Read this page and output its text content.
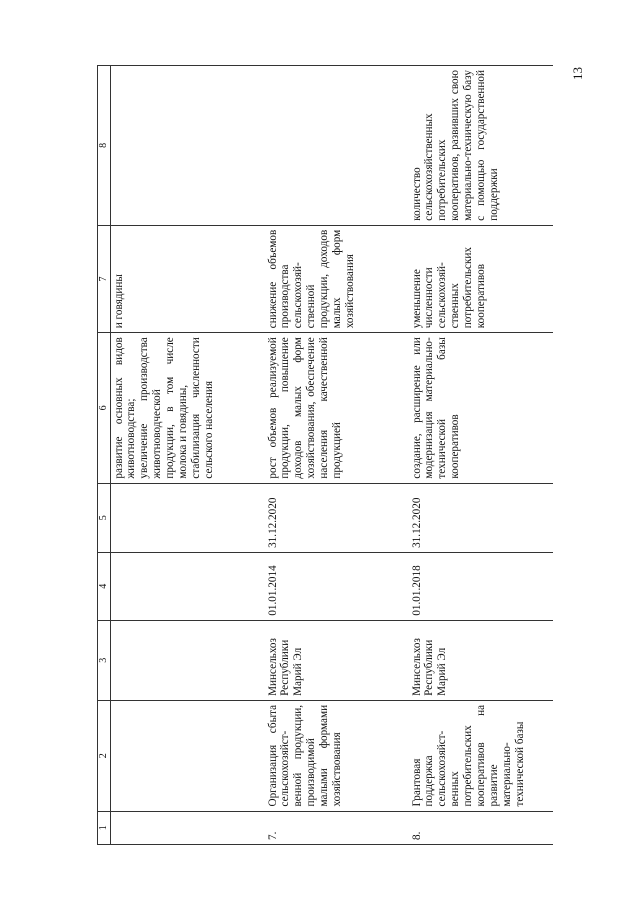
13
1	2	3	4	5	6	7	8
					развитие основных видов животноводства;
увеличение производства животноводческой продукции, в том числе молока и говядины,
стабилизация численности сельского населения	и говядины	
7.	Организация сбыта сельскохозяйст-венной продукции, производимой малыми формами хозяйствования	Минсельхоз Республики Марий Эл	01.01.2014	31.12.2020	рост объемов реализуемой продукции, повышение доходов малых форм хозяйствования, обеспечение населения качественной продукцией	снижение объемов производства сельскохозяй-ственной продукции, доходов малых форм хозяйствования	
8.	Грантовая поддержка сельскохозяйст-венных потребительских кооперативов на развитие материально-технической базы	Минсельхоз Республики Марий Эл	01.01.2018	31.12.2020	создание, расширение или модернизация материально-технической базы кооперативов	уменьшение численности сельскохозяй-ственных потребительских кооперативов	количество сельскохозяйственных потребительских кооперативов, развивших свою материально-техническую базу с помощью государственной поддержки
